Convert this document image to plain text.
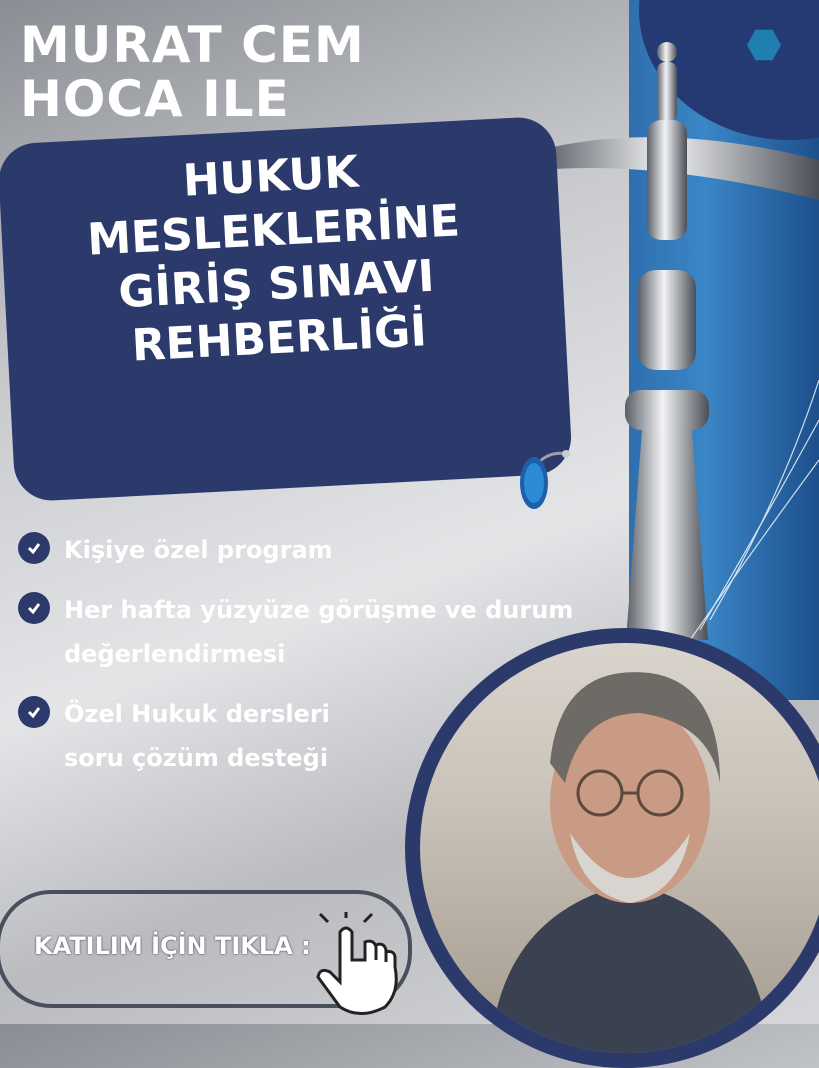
MURAT CEM
HOCA ILE

HUKUK
MESLEKLERİNE
GİRİŞ SINAVI
REHBERLİĞİ

Kişiye özel program
Her hafta yüzyüze görüşme ve durum
değerlendirmesi
Özel Hukuk dersleri
soru çözüm desteği
KATILIM İÇİN TIKLA :
